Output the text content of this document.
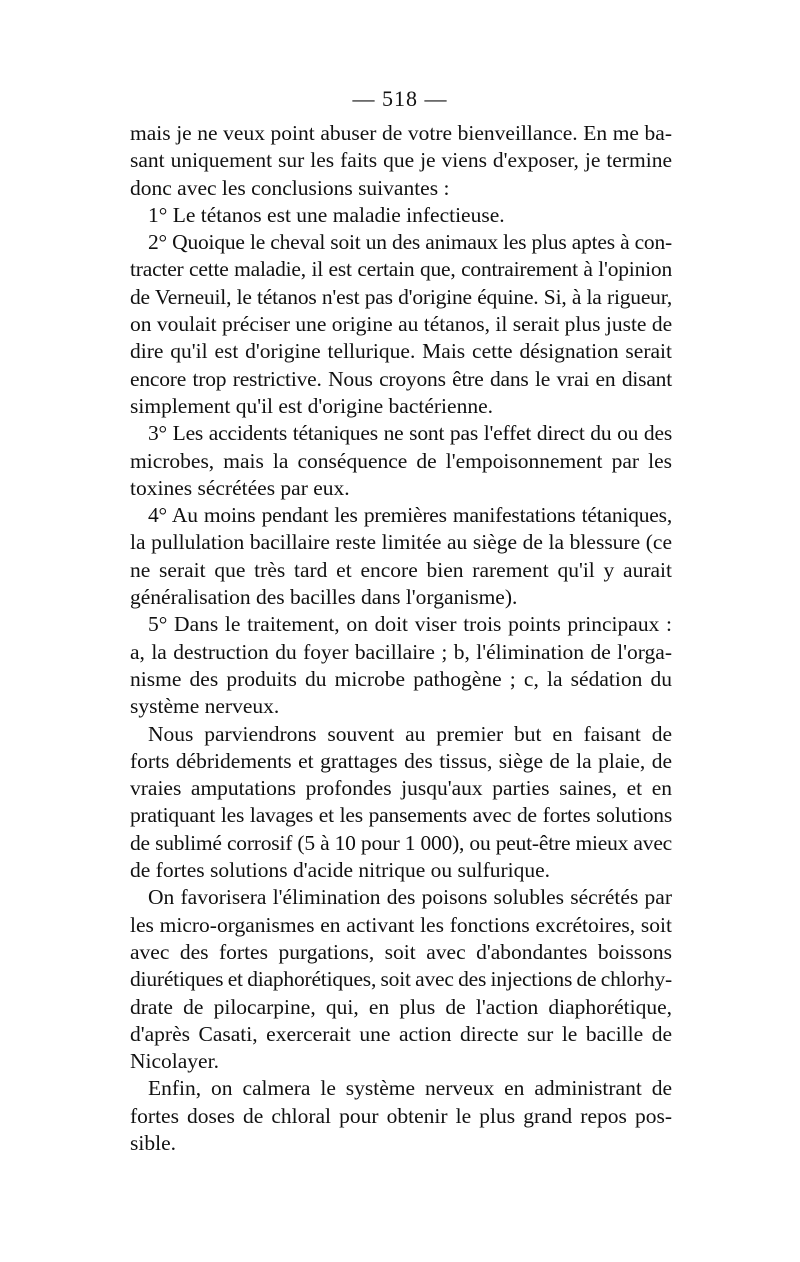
— 518 —

mais je ne veux point abuser de votre bienveillance. En me ba-
sant uniquement sur les faits que je viens d'exposer, je termine
donc avec les conclusions suivantes :

1° Le tétanos est une maladie infectieuse.

2° Quoique le cheval soit un des animaux les plus aptes à con-
tracter cette maladie, il est certain que, contrairement à l'opinion
de Verneuil, le tétanos n'est pas d'origine équine. Si, à la rigueur,
on voulait préciser une origine au tétanos, il serait plus juste de
dire qu'il est d'origine tellurique. Mais cette désignation serait
encore trop restrictive. Nous croyons être dans le vrai en disant
simplement qu'il est d'origine bactérienne.

3° Les accidents tétaniques ne sont pas l'effet direct du ou des
microbes, mais la conséquence de l'empoisonnement par les
toxines sécrétées par eux.

4° Au moins pendant les premières manifestations tétaniques,
la pullulation bacillaire reste limitée au siège de la blessure (ce
ne serait que très tard et encore bien rarement qu'il y aurait
généralisation des bacilles dans l'organisme).

5° Dans le traitement, on doit viser trois points principaux :
a, la destruction du foyer bacillaire ; b, l'élimination de l'orga-
nisme des produits du microbe pathogène ; c, la sédation du
système nerveux.

Nous parviendrons souvent au premier but en faisant de
forts débridements et grattages des tissus, siège de la plaie, de
vraies amputations profondes jusqu'aux parties saines, et en
pratiquant les lavages et les pansements avec de fortes solutions
de sublimé corrosif (5 à 10 pour 1 000), ou peut-être mieux avec
de fortes solutions d'acide nitrique ou sulfurique.

On favorisera l'élimination des poisons solubles sécrétés par
les micro-organismes en activant les fonctions excrétoires, soit
avec des fortes purgations, soit avec d'abondantes boissons
diurétiques et diaphorétiques, soit avec des injections de chlorhy-
drate de pilocarpine, qui, en plus de l'action diaphorétique,
d'après Casati, exercerait une action directe sur le bacille de
Nicolayer.

Enfin, on calmera le système nerveux en administrant de
fortes doses de chloral pour obtenir le plus grand repos pos-
sible.
